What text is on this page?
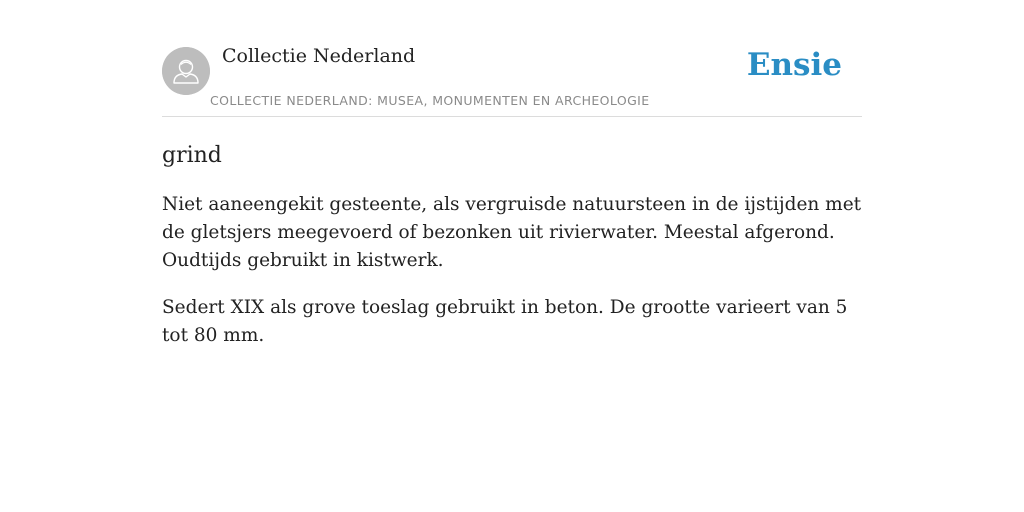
Collectie Nederland
COLLECTIE NEDERLAND: MUSEA, MONUMENTEN EN ARCHEOLOGIE
Ensie
grind

Niet aaneengekit gesteente, als vergruisde natuursteen in de ijstijden met de gletsjers meegevoerd of bezonken uit rivierwater. Meestal afgerond. Oudtijds gebruikt in kistwerk.

Sedert XIX als grove toeslag gebruikt in beton. De grootte varieert van 5 tot 80 mm.
